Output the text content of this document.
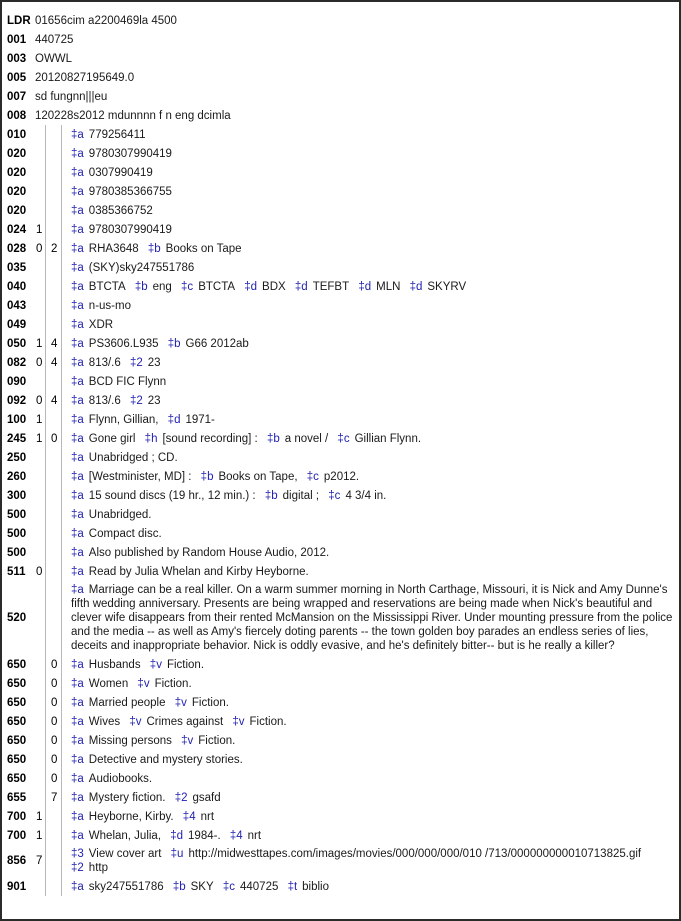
LDR	01656cim a2200469la 4500		
001	440725		
003	OWWL		
005	20120827195649.0		
007	sd fungnn|||eu		
008	120228s2012 mdunnnn f n eng dcimla		
010			‡a 779256411
020			‡a 9780307990419
020			‡a 0307990419
020			‡a 9780385366755
020			‡a 0385366752
024	1		‡a 9780307990419
028	0	2	‡a RHA3648 ‡b Books on Tape
035			‡a (SKY)sky247551786
040			‡a BTCTA ‡b eng ‡c BTCTA ‡d BDX ‡d TEFBT ‡d MLN ‡d SKYRV
043			‡a n-us-mo
049			‡a XDR
050	1	4	‡a PS3606.L935 ‡b G66 2012ab
082	0	4	‡a 813/.6 ‡2 23
090			‡a BCD FIC Flynn
092	0	4	‡a 813/.6 ‡2 23
100	1		‡a Flynn, Gillian, ‡d 1971-
245	1	0	‡a Gone girl ‡h [sound recording] : ‡b a novel / ‡c Gillian Flynn.
250			‡a Unabridged ; CD.
260			‡a [Westminister, MD] : ‡b Books on Tape, ‡c p2012.
300			‡a 15 sound discs (19 hr., 12 min.) : ‡b digital ; ‡c 4 3/4 in.
500			‡a Unabridged.
500			‡a Compact disc.
500			‡a Also published by Random House Audio, 2012.
511	0		‡a Read by Julia Whelan and Kirby Heyborne.
520			‡a Marriage can be a real killer. On a warm summer morning in North Carthage, Missouri, it is Nick and Amy Dunne's fifth wedding anniversary. Presents are being wrapped and reservations are being made when Nick's beautiful and clever wife disappears from their rented McMansion on the Mississippi River. Under mounting pressure from the police and the media -- as well as Amy's fiercely doting parents -- the town golden boy parades an endless series of lies, deceits and inappropriate behavior. Nick is oddly evasive, and he's definitely bitter-- but is he really a killer?
650		0	‡a Husbands ‡v Fiction.
650		0	‡a Women ‡v Fiction.
650		0	‡a Married people ‡v Fiction.
650		0	‡a Wives ‡v Crimes against ‡v Fiction.
650		0	‡a Missing persons ‡v Fiction.
650		0	‡a Detective and mystery stories.
650		0	‡a Audiobooks.
655		7	‡a Mystery fiction. ‡2 gsafd
700	1		‡a Heyborne, Kirby. ‡4 nrt
700	1		‡a Whelan, Julia, ‡d 1984-. ‡4 nrt
856	7		‡3 View cover art ‡u http://midwesttapes.com/images/movies/000/000/000/010 /713/000000000010713825.gif ‡2 http
901			‡a sky247551786 ‡b SKY ‡c 440725 ‡t biblio
